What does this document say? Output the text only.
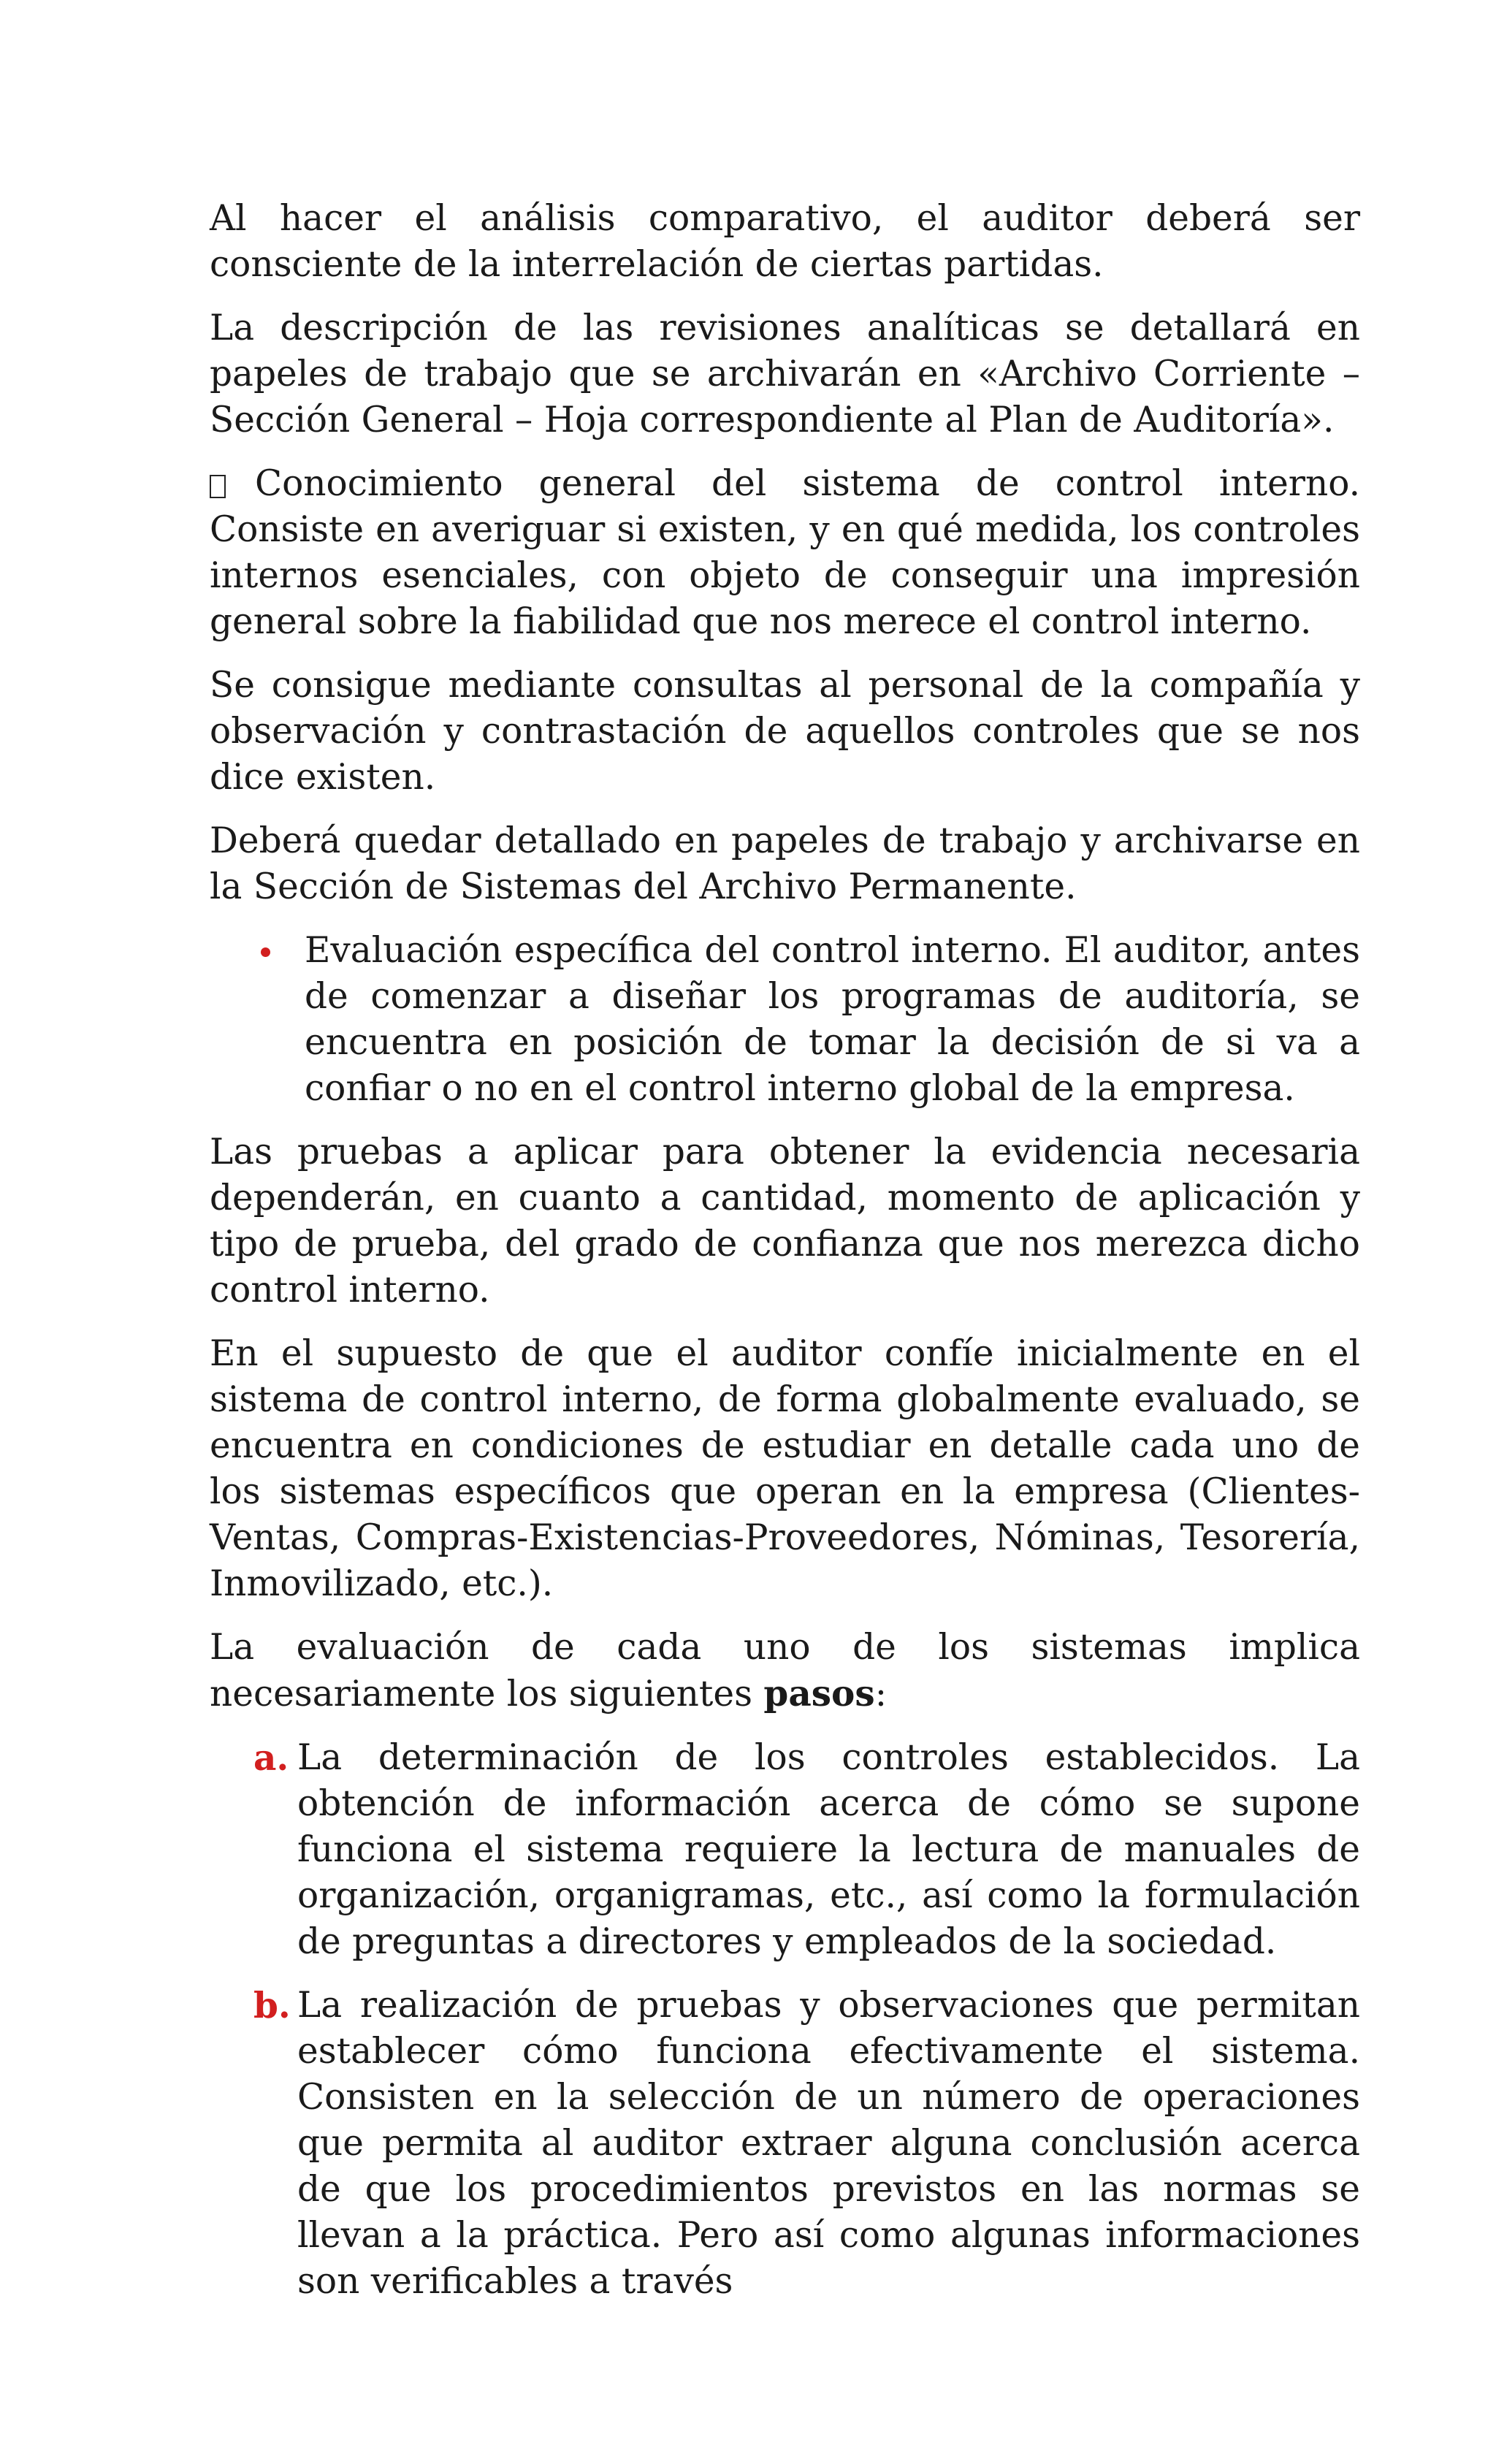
Al hacer el análisis comparativo, el auditor deberá ser consciente de la interrelación de ciertas partidas.

La descripción de las revisiones analíticas se detallará en papeles de trabajo que se archivarán en «Archivo Corriente – Sección General – Hoja correspondiente al Plan de Auditoría».

Conocimiento general del sistema de control interno. Consiste en averiguar si existen, y en qué medida, los controles internos esenciales, con objeto de conseguir una impresión general sobre la fiabilidad que nos merece el control interno.

Se consigue mediante consultas al personal de la compañía y observación y contrastación de aquellos controles que se nos dice existen.

Deberá quedar detallado en papeles de trabajo y archivarse en la Sección de Sistemas del Archivo Permanente.

Evaluación específica del control interno. El auditor, antes de comenzar a diseñar los programas de auditoría, se encuentra en posición de tomar la decisión de si va a confiar o no en el control interno global de la empresa.

Las pruebas a aplicar para obtener la evidencia necesaria dependerán, en cuanto a cantidad, momento de aplicación y tipo de prueba, del grado de confianza que nos merezca dicho control interno.

En el supuesto de que el auditor confíe inicialmente en el sistema de control interno, de forma globalmente evaluado, se encuentra en condiciones de estudiar en detalle cada uno de los sistemas específicos que operan en la empresa (Clientes-Ventas, Compras-Existencias-Proveedores, Nóminas, Tesorería, Inmovilizado, etc.).

La evaluación de cada uno de los sistemas implica necesariamente los siguientes pasos:

a. La determinación de los controles establecidos. La obtención de información acerca de cómo se supone funciona el sistema requiere la lectura de manuales de organización, organigramas, etc., así como la formulación de preguntas a directores y empleados de la sociedad.
b. La realización de pruebas y observaciones que permitan establecer cómo funciona efectivamente el sistema. Consisten en la selección de un número de operaciones que permita al auditor extraer alguna conclusión acerca de que los procedimientos previstos en las normas se llevan a la práctica. Pero así como algunas informaciones son verificables a través
